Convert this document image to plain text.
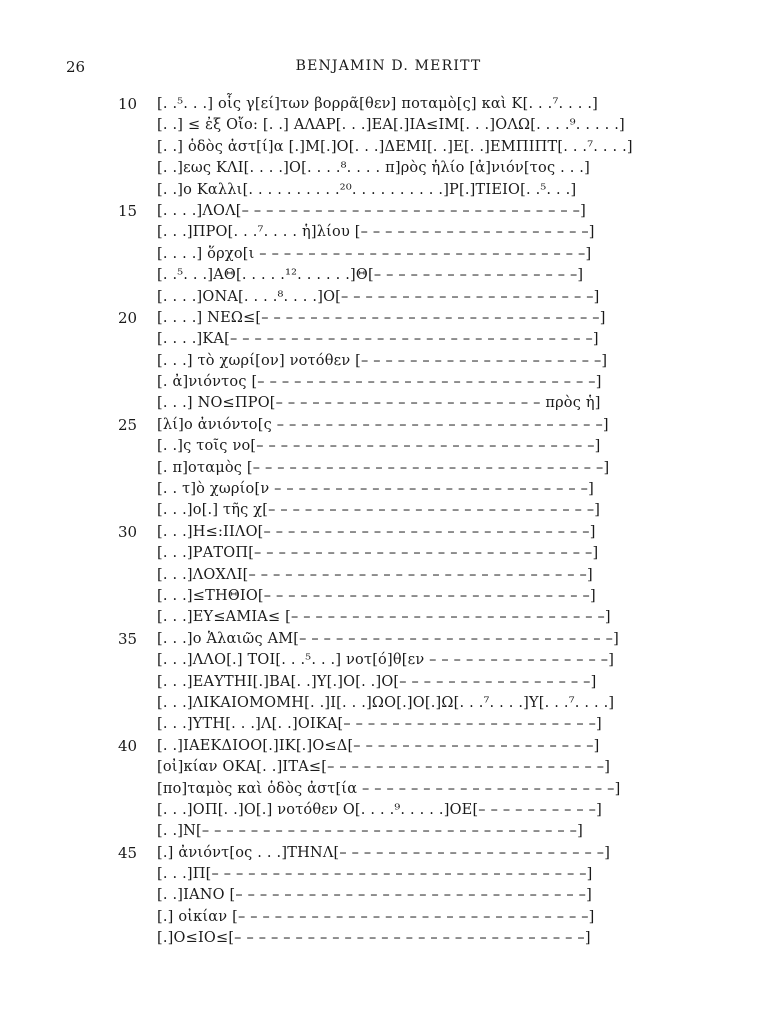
26	BENJAMIN D. MERITT
10	[. .⁵. . .] οἷς γ[εί]των βορρᾶ[θεν] ποταμὸ[ς] καὶ Κ[. . .⁷. . . .]
[. .] ≤ ἐξ Οἴο: [. .] ΑΛΑΡ[. . .]ΕΑ[.]ΙΑ≤ΙΜ[. . .]ΟΛΩ[. . . .⁹. . . . .]
[. .] ὁδὸς ἀστ[ί]α [.]Μ[.]Ο[. . .]ΔΕΜΙ[. .]Ε[. .]ΕΜΠΙΠΤ[. . .⁷. . . .]
[. .]εως ΚΛΙ[. . . .]Ο[. . . .⁸. . . . π]ρὸς ἡλίο [ἀ]νιόν[τος . . .]
[. .]ο Καλλι[. . . . . . . . . .²⁰. . . . . . . . . .]Ρ[.]ΤΙΕΙΟ[. .⁵. . .]
15	[. . . .]ΛΟΛ[– – – – – – – – – – – – – – – – – – – – – – – – – – – –]
[. . .]ΠΡΟ[. . .⁷. . . . ἡ]λίου [– – – – – – – – – – – – – – – – – – –]
[. . . .] ὅρχο[ι – – – – – – – – – – – – – – – – – – – – – – – – – – –]
[. .⁵. . .]ΑΘ[. . . . .¹². . . . . .]Θ[– – – – – – – – – – – – – – – – –]
[. . . .]ΟΝΑ[. . . .⁸. . . .]Ο[– – – – – – – – – – – – – – – – – – – – –]
20	[. . . .] ΝΕΩ≤[– – – – – – – – – – – – – – – – – – – – – – – – – – – –]
[. . . .]ΚΑ[– – – – – – – – – – – – – – – – – – – – – – – – – – – – – –]
[. . .] τὸ χωρί[ον] νοτόθεν [– – – – – – – – – – – – – – – – – – – –]
[. ἀ]νιόντος [– – – – – – – – – – – – – – – – – – – – – – – – – – – –]
[. . .] ΝΟ≤ΠΡΟ[– – – – – – – – – – – – – – – – – – – – – – πρὸς ἡ]
25	[λί]ο ἀνιόντο[ς – – – – – – – – – – – – – – – – – – – – – – – – – – –]
[. .]ς τοῖς νο[– – – – – – – – – – – – – – – – – – – – – – – – – – – –]
[. π]οταμὸς [– – – – – – – – – – – – – – – – – – – – – – – – – – – – –]
[. . τ]ὸ χωρίο[ν – – – – – – – – – – – – – – – – – – – – – – – – – –]
[. . .]ο[.] τῆς χ[– – – – – – – – – – – – – – – – – – – – – – – – – – –]
30	[. . .]Η≤:ΙΙΛΟ[– – – – – – – – – – – – – – – – – – – – – – – – – – –]
[. . .]ΡΑΤΟΠ[– – – – – – – – – – – – – – – – – – – – – – – – – – – –]
[. . .]ΛΟΧΛΙ[– – – – – – – – – – – – – – – – – – – – – – – – – – – –]
[. . .]≤ΤΗΘΙΟ[– – – – – – – – – – – – – – – – – – – – – – – – – – –]
[. . .]ΕΥ≤ΑΜΙΑ≤ [– – – – – – – – – – – – – – – – – – – – – – – – – –]
35	[. . .]ο Ἁλαιῶς ΑΜ[– – – – – – – – – – – – – – – – – – – – – – – – – –]
[. . .]ΛΛΟ[.] ΤΟΙ[. . .⁵. . .] νοτ[ό]θ[εν – – – – – – – – – – – – – – –]
[. . .]ΕΑΥΤΗΙ[.]ΒΑ[. .]Υ[.]Ο[. .]Ο[– – – – – – – – – – – – – – – –]
[. . .]ΛΙΚΑΙΟΜΟΜΗ[. .]Ι[. . .]ΩΟ[.]Ο[.]Ω[. . .⁷. . . .]Υ[. . .⁷. . . .]
[. . .]ΥΤΗ[. . .]Λ[. .]ΟΙΚΑ[– – – – – – – – – – – – – – – – – – – – –]
40	[. .]ΙΑΕΚΔΙΟΟ[.]ΙΚ[.]Ο≤Δ[– – – – – – – – – – – – – – – – – – – –]
[οἰ]κίαν ΟΚΑ[. .]ΙΤΑ≤[– – – – – – – – – – – – – – – – – – – – – – –]
[πο]ταμὸς καὶ ὁδὸς ἀστ[ία – – – – – – – – – – – – – – – – – – – – –]
[. . .]ΟΠ[. .]Ο[.] νοτόθεν Ο[. . . .⁹. . . . .]ΟΕ[– – – – – – – – – –]
[. .]Ν[– – – – – – – – – – – – – – – – – – – – – – – – – – – – – – –]
45	[.] ἀνιόντ[ος . . .]ΤΗΝΛ[– – – – – – – – – – – – – – – – – – – – – –]
[. . .]Π[– – – – – – – – – – – – – – – – – – – – – – – – – – – – – – –]
[. .]ΙΑΝΟ [– – – – – – – – – – – – – – – – – – – – – – – – – – – – –]
[.] οἰκίαν [– – – – – – – – – – – – – – – – – – – – – – – – – – – – –]
[.]Ο≤ΙΟ≤[– – – – – – – – – – – – – – – – – – – – – – – – – – – – –]
